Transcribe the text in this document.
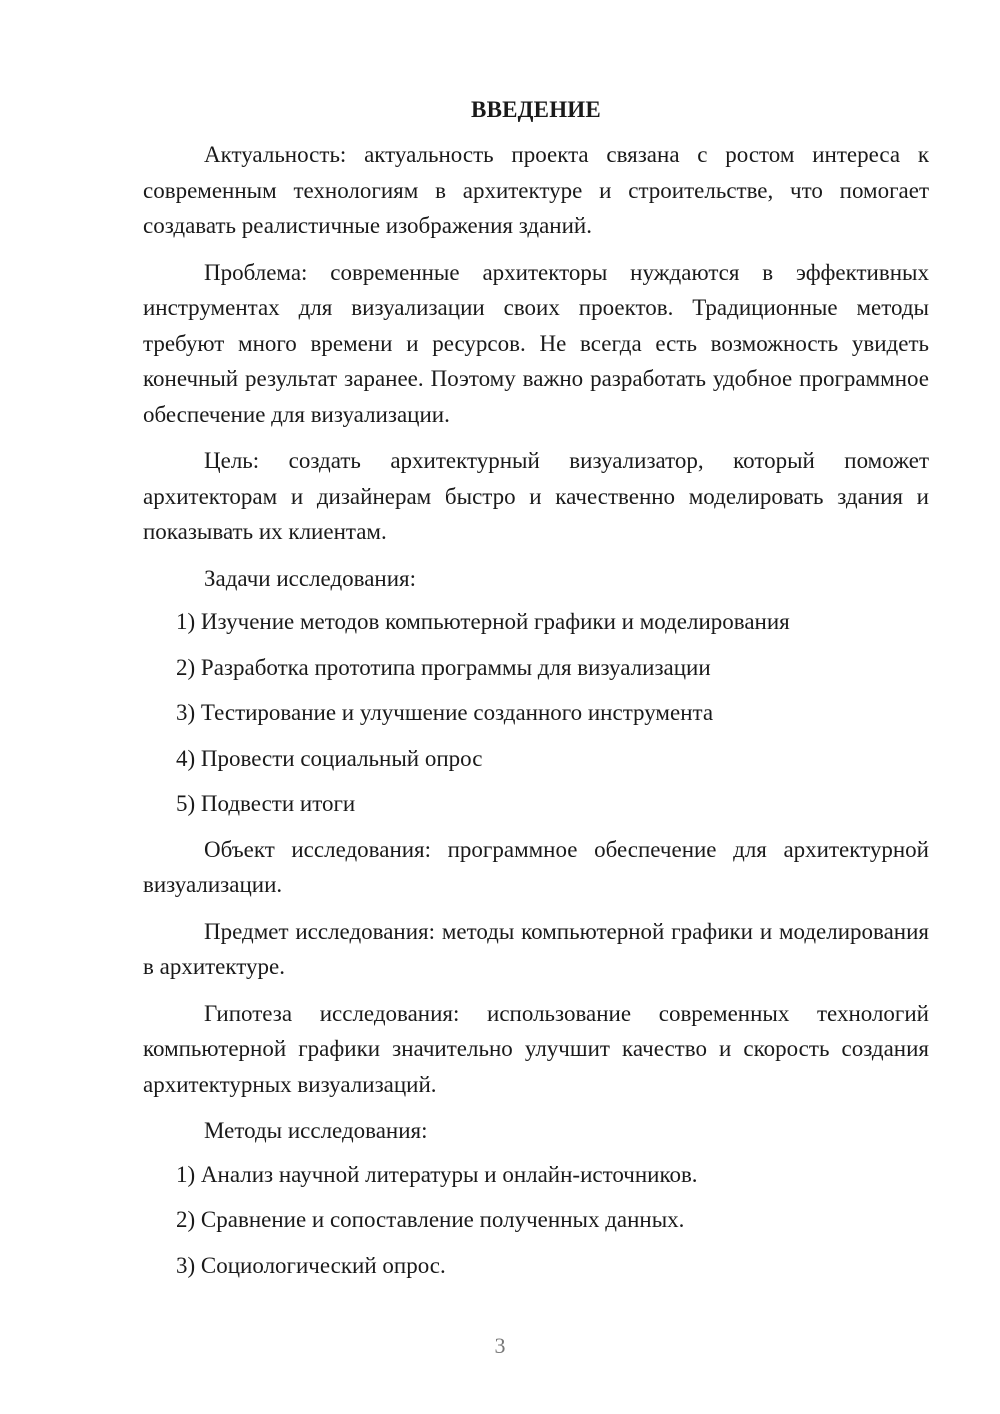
ВВЕДЕНИЕ

Актуальность: актуальность проекта связана с ростом интереса к современным технологиям в архитектуре и строительстве, что помогает создавать реалистичные изображения зданий.

Проблема: современные архитекторы нуждаются в эффективных инструментах для визуализации своих проектов. Традиционные методы требуют много времени и ресурсов. Не всегда есть возможность увидеть конечный результат заранее. Поэтому важно разработать удобное программное обеспечение для визуализации.

Цель: создать архитектурный визуализатор, который поможет архитекторам и дизайнерам быстро и качественно моделировать здания и показывать их клиентам.

Задачи исследования:

1) Изучение методов компьютерной графики и моделирования
2) Разработка прототипа программы для визуализации
3) Тестирование и улучшение созданного инструмента
4) Провести социальный опрос
5) Подвести итоги

Объект исследования: программное обеспечение для архитектурной визуализации.

Предмет исследования: методы компьютерной графики и моделирования в архитектуре.

Гипотеза исследования: использование современных технологий компьютерной графики значительно улучшит качество и скорость создания архитектурных визуализаций.

Методы исследования:

1) Анализ научной литературы и онлайн-источников.
2) Сравнение и сопоставление полученных данных.
3) Социологический опрос.
3
